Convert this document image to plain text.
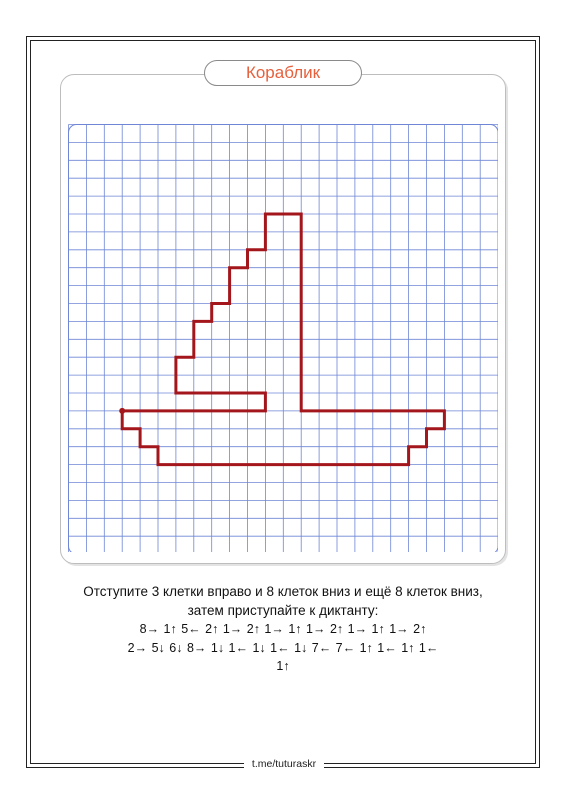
Кораблик
Отступите 3 клетки вправо и 8 клеток вниз и ещё 8 клеток вниз,
затем приступайте к диктанту:
8→ 1↑ 5← 2↑ 1→ 2↑ 1→ 1↑ 1→ 2↑ 1→ 1↑ 1→ 2↑
2→ 5↓ 6↓ 8→ 1↓ 1← 1↓ 1← 1↓ 7← 7← 1↑ 1← 1↑ 1←
1↑
t.me/tuturaskr
